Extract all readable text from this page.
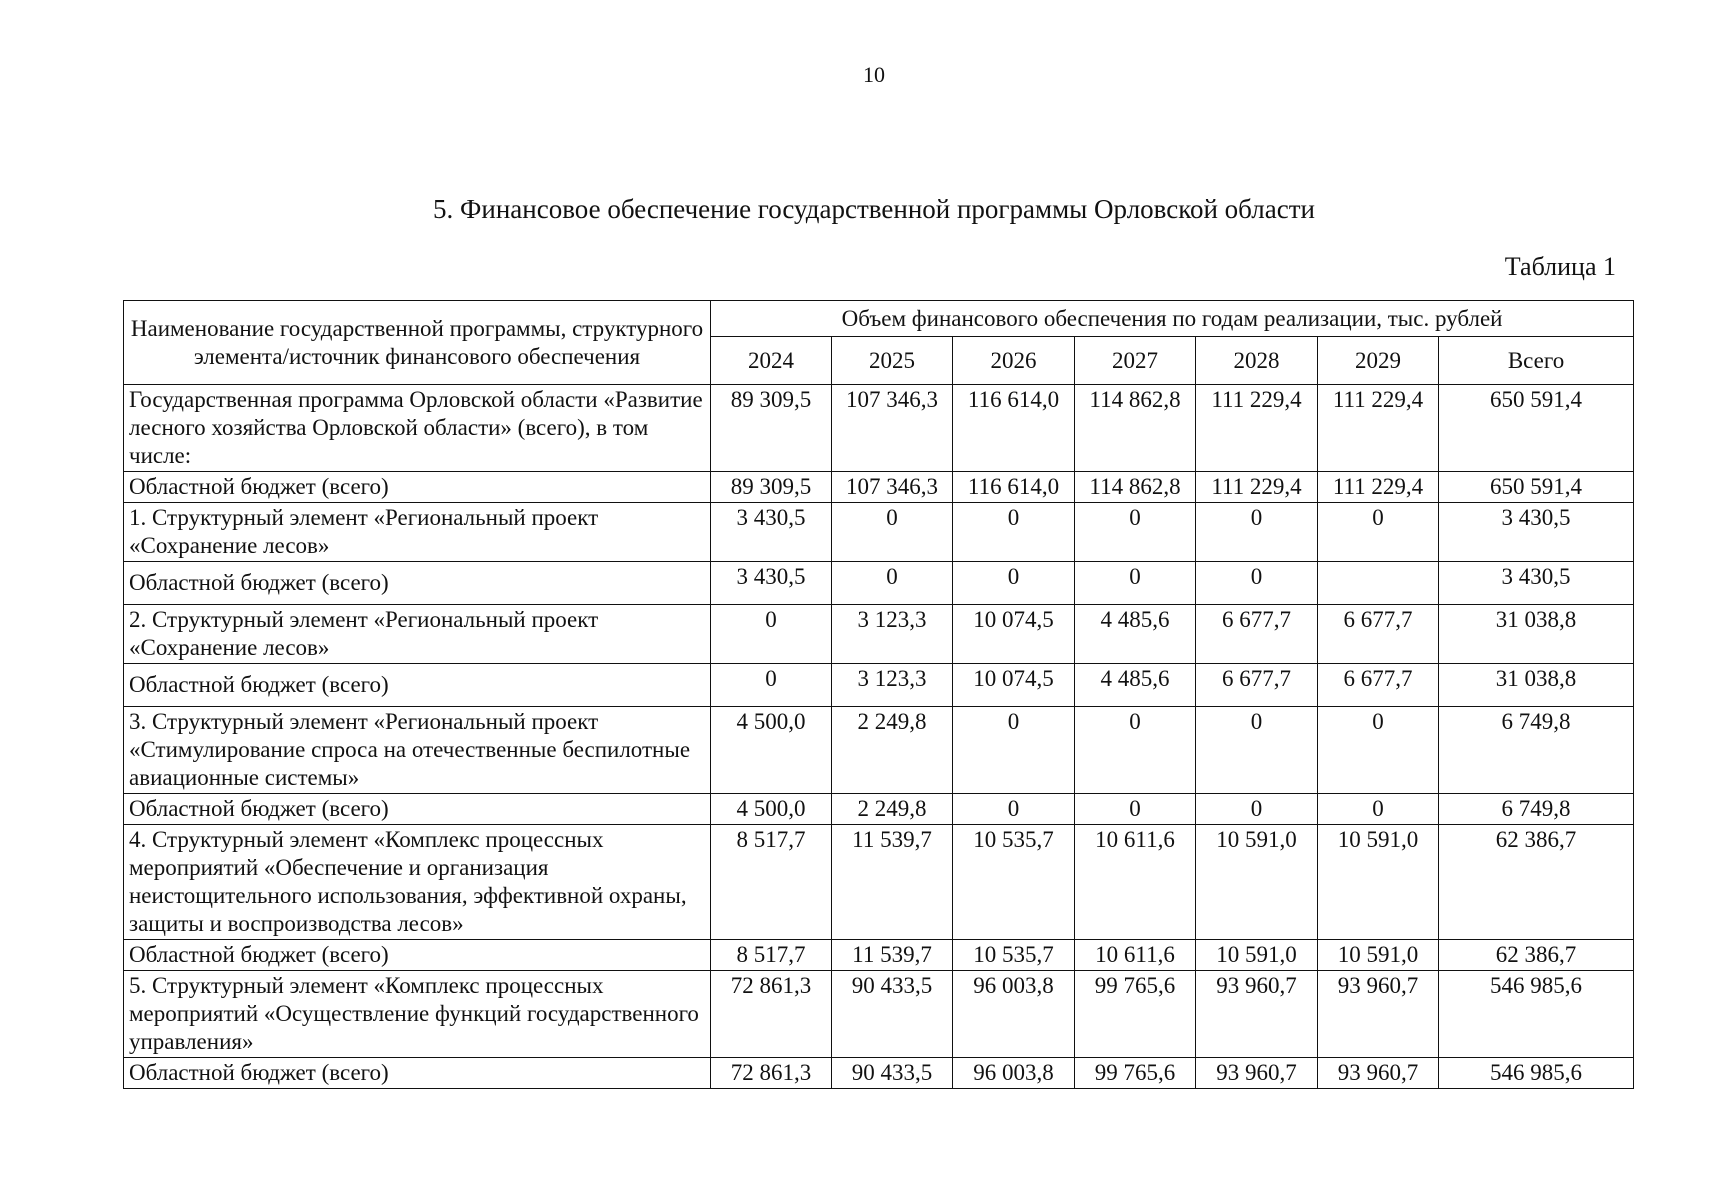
10
5. Финансовое обеспечение государственной программы Орловской области
Таблица 1
Наименование государственной программы, структурного элемента/источник финансового обеспечения	Объем финансового обеспечения по годам реализации, тыс. рублей						
	2024	2025	2026	2027	2028	2029	Всего
Государственная программа Орловской области «Развитие лесного хозяйства Орловской области» (всего), в том числе:	89 309,5	107 346,3	116 614,0	114 862,8	111 229,4	111 229,4	650 591,4
Областной бюджет (всего)	89 309,5	107 346,3	116 614,0	114 862,8	111 229,4	111 229,4	650 591,4
1. Структурный элемент «Региональный проект «Сохранение лесов»	3 430,5	0	0	0	0	0	3 430,5
Областной бюджет (всего)	3 430,5	0	0	0	0		3 430,5
2. Структурный элемент «Региональный проект «Сохранение лесов»	0	3 123,3	10 074,5	4 485,6	6 677,7	6 677,7	31 038,8
Областной бюджет (всего)	0	3 123,3	10 074,5	4 485,6	6 677,7	6 677,7	31 038,8
3. Структурный элемент «Региональный проект «Стимулирование спроса на отечественные беспилотные авиационные системы»	4 500,0	2 249,8	0	0	0	0	6 749,8
Областной бюджет (всего)	4 500,0	2 249,8	0	0	0	0	6 749,8
4. Структурный элемент «Комплекс процессных мероприятий «Обеспечение и организация неистощительного использования, эффективной охраны, защиты и воспроизводства лесов»	8 517,7	11 539,7	10 535,7	10 611,6	10 591,0	10 591,0	62 386,7
Областной бюджет (всего)	8 517,7	11 539,7	10 535,7	10 611,6	10 591,0	10 591,0	62 386,7
5. Структурный элемент «Комплекс процессных мероприятий «Осуществление функций государственного управления»	72 861,3	90 433,5	96 003,8	99 765,6	93 960,7	93 960,7	546 985,6
Областной бюджет (всего)	72 861,3	90 433,5	96 003,8	99 765,6	93 960,7	93 960,7	546 985,6
